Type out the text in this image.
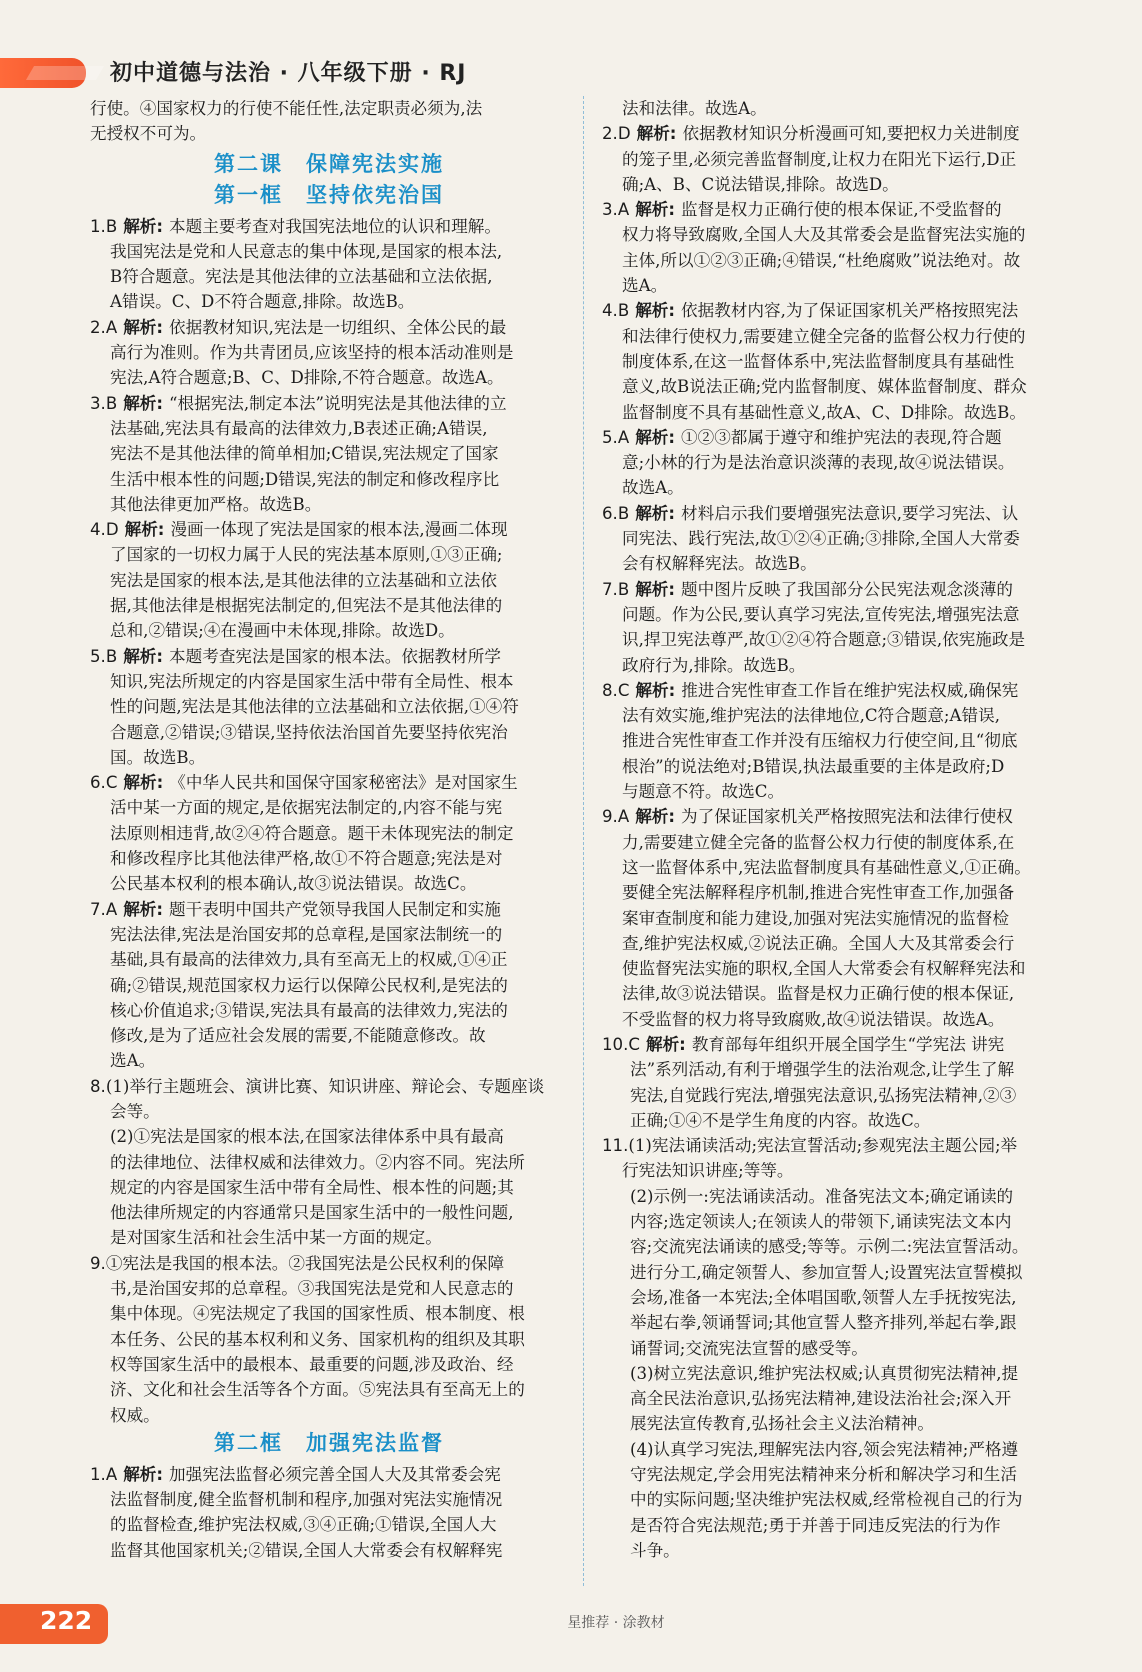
初中道德与法治 · 八年级下册 · RJ

行使。④国家权力的行使不能任性,法定职责必须为,法

无授权不可为。

第二课　保障宪法实施
第一框　坚持依宪治国

1.B 解析: 本题主要考查对我国宪法地位的认识和理解。

我国宪法是党和人民意志的集中体现,是国家的根本法,

B符合题意。宪法是其他法律的立法基础和立法依据,

A错误。C、D不符合题意,排除。故选B。

2.A 解析: 依据教材知识,宪法是一切组织、全体公民的最

高行为准则。作为共青团员,应该坚持的根本活动准则是

宪法,A符合题意;B、C、D排除,不符合题意。故选A。

3.B 解析: “根据宪法,制定本法”说明宪法是其他法律的立

法基础,宪法具有最高的法律效力,B表述正确;A错误,

宪法不是其他法律的简单相加;C错误,宪法规定了国家

生活中根本性的问题;D错误,宪法的制定和修改程序比

其他法律更加严格。故选B。

4.D 解析: 漫画一体现了宪法是国家的根本法,漫画二体现

了国家的一切权力属于人民的宪法基本原则,①③正确;

宪法是国家的根本法,是其他法律的立法基础和立法依

据,其他法律是根据宪法制定的,但宪法不是其他法律的

总和,②错误;④在漫画中未体现,排除。故选D。

5.B 解析: 本题考查宪法是国家的根本法。依据教材所学

知识,宪法所规定的内容是国家生活中带有全局性、根本

性的问题,宪法是其他法律的立法基础和立法依据,①④符

合题意,②错误;③错误,坚持依法治国首先要坚持依宪治

国。故选B。

6.C 解析: 《中华人民共和国保守国家秘密法》是对国家生

活中某一方面的规定,是依据宪法制定的,内容不能与宪

法原则相违背,故②④符合题意。题干未体现宪法的制定

和修改程序比其他法律严格,故①不符合题意;宪法是对

公民基本权利的根本确认,故③说法错误。故选C。

7.A 解析: 题干表明中国共产党领导我国人民制定和实施

宪法法律,宪法是治国安邦的总章程,是国家法制统一的

基础,具有最高的法律效力,具有至高无上的权威,①④正

确;②错误,规范国家权力运行以保障公民权利,是宪法的

核心价值追求;③错误,宪法具有最高的法律效力,宪法的

修改,是为了适应社会发展的需要,不能随意修改。故

选A。

8.(1)举行主题班会、演讲比赛、知识讲座、辩论会、专题座谈

会等。

(2)①宪法是国家的根本法,在国家法律体系中具有最高

的法律地位、法律权威和法律效力。②内容不同。宪法所

规定的内容是国家生活中带有全局性、根本性的问题;其

他法律所规定的内容通常只是国家生活中的一般性问题,

是对国家生活和社会生活中某一方面的规定。

9.①宪法是我国的根本法。②我国宪法是公民权利的保障

书,是治国安邦的总章程。③我国宪法是党和人民意志的

集中体现。④宪法规定了我国的国家性质、根本制度、根

本任务、公民的基本权利和义务、国家机构的组织及其职

权等国家生活中的最根本、最重要的问题,涉及政治、经

济、文化和社会生活等各个方面。⑤宪法具有至高无上的

权威。

第二框　加强宪法监督

1.A 解析: 加强宪法监督必须完善全国人大及其常委会宪

法监督制度,健全监督机制和程序,加强对宪法实施情况

的监督检查,维护宪法权威,③④正确;①错误,全国人大

监督其他国家机关;②错误,全国人大常委会有权解释宪

法和法律。故选A。

2.D 解析: 依据教材知识分析漫画可知,要把权力关进制度

的笼子里,必须完善监督制度,让权力在阳光下运行,D正

确;A、B、C说法错误,排除。故选D。

3.A 解析: 监督是权力正确行使的根本保证,不受监督的

权力将导致腐败,全国人大及其常委会是监督宪法实施的

主体,所以①②③正确;④错误,“杜绝腐败”说法绝对。故

选A。

4.B 解析: 依据教材内容,为了保证国家机关严格按照宪法

和法律行使权力,需要建立健全完备的监督公权力行使的

制度体系,在这一监督体系中,宪法监督制度具有基础性

意义,故B说法正确;党内监督制度、媒体监督制度、群众

监督制度不具有基础性意义,故A、C、D排除。故选B。

5.A 解析: ①②③都属于遵守和维护宪法的表现,符合题

意;小林的行为是法治意识淡薄的表现,故④说法错误。

故选A。

6.B 解析: 材料启示我们要增强宪法意识,要学习宪法、认

同宪法、践行宪法,故①②④正确;③排除,全国人大常委

会有权解释宪法。故选B。

7.B 解析: 题中图片反映了我国部分公民宪法观念淡薄的

问题。作为公民,要认真学习宪法,宣传宪法,增强宪法意

识,捍卫宪法尊严,故①②④符合题意;③错误,依宪施政是

政府行为,排除。故选B。

8.C 解析: 推进合宪性审查工作旨在维护宪法权威,确保宪

法有效实施,维护宪法的法律地位,C符合题意;A错误,

推进合宪性审查工作并没有压缩权力行使空间,且“彻底

根治”的说法绝对;B错误,执法最重要的主体是政府;D

与题意不符。故选C。

9.A 解析: 为了保证国家机关严格按照宪法和法律行使权

力,需要建立健全完备的监督公权力行使的制度体系,在

这一监督体系中,宪法监督制度具有基础性意义,①正确。

要健全宪法解释程序机制,推进合宪性审查工作,加强备

案审查制度和能力建设,加强对宪法实施情况的监督检

查,维护宪法权威,②说法正确。全国人大及其常委会行

使监督宪法实施的职权,全国人大常委会有权解释宪法和

法律,故③说法错误。监督是权力正确行使的根本保证,

不受监督的权力将导致腐败,故④说法错误。故选A。

10.C 解析: 教育部每年组织开展全国学生“学宪法 讲宪

法”系列活动,有利于增强学生的法治观念,让学生了解

宪法,自觉践行宪法,增强宪法意识,弘扬宪法精神,②③

正确;①④不是学生角度的内容。故选C。

11.(1)宪法诵读活动;宪法宣誓活动;参观宪法主题公园;举

行宪法知识讲座;等等。

(2)示例一:宪法诵读活动。准备宪法文本;确定诵读的

内容;选定领读人;在领读人的带领下,诵读宪法文本内

容;交流宪法诵读的感受;等等。示例二:宪法宣誓活动。

进行分工,确定领誓人、参加宣誓人;设置宪法宣誓模拟

会场,准备一本宪法;全体唱国歌,领誓人左手抚按宪法,

举起右拳,领诵誓词;其他宣誓人整齐排列,举起右拳,跟

诵誓词;交流宪法宣誓的感受等。

(3)树立宪法意识,维护宪法权威;认真贯彻宪法精神,提

高全民法治意识,弘扬宪法精神,建设法治社会;深入开

展宪法宣传教育,弘扬社会主义法治精神。

(4)认真学习宪法,理解宪法内容,领会宪法精神;严格遵

守宪法规定,学会用宪法精神来分析和解决学习和生活

中的实际问题;坚决维护宪法权威,经常检视自己的行为

是否符合宪法规范;勇于并善于同违反宪法的行为作

斗争。

222	星推荐 · 涂教材
